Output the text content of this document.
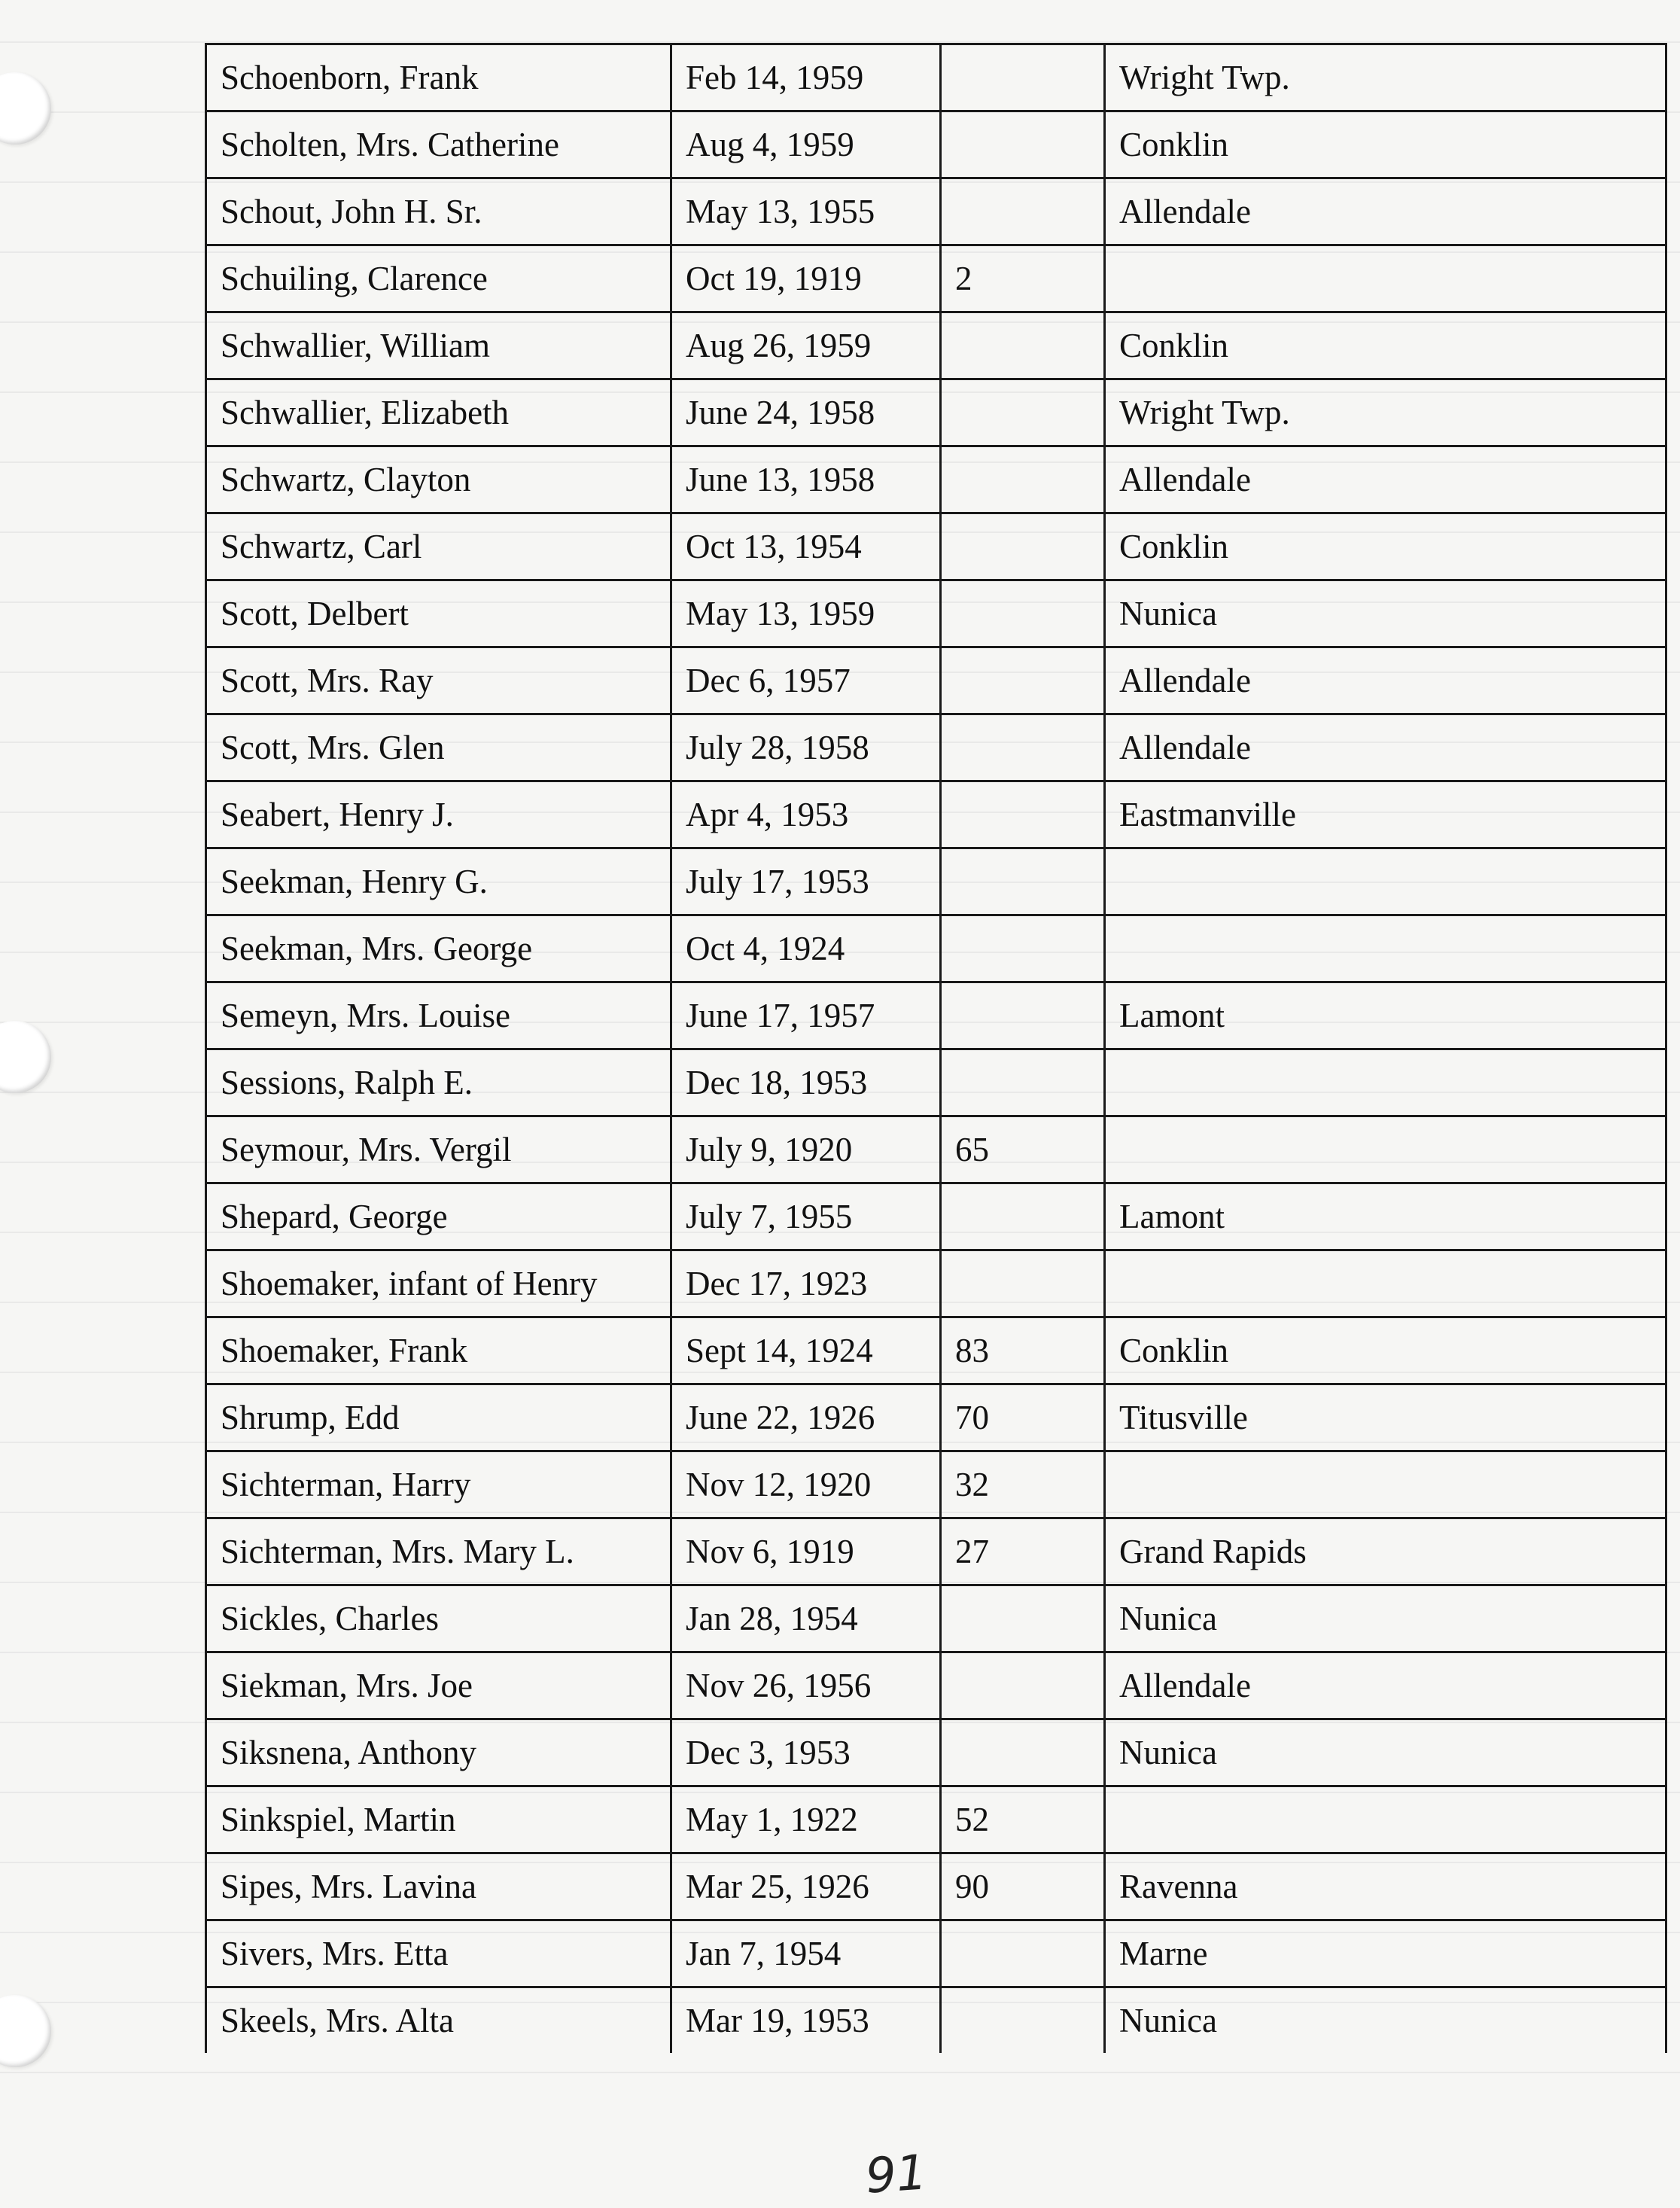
Schoenborn, Frank	Feb 14, 1959		Wright Twp.
Scholten, Mrs. Catherine	Aug 4, 1959		Conklin
Schout, John H. Sr.	May 13, 1955		Allendale
Schuiling, Clarence	Oct 19, 1919	2	
Schwallier, William	Aug 26, 1959		Conklin
Schwallier, Elizabeth	June 24, 1958		Wright Twp.
Schwartz, Clayton	June 13, 1958		Allendale
Schwartz, Carl	Oct 13, 1954		Conklin
Scott, Delbert	May 13, 1959		Nunica
Scott, Mrs. Ray	Dec 6, 1957		Allendale
Scott, Mrs. Glen	July 28, 1958		Allendale
Seabert, Henry J.	Apr 4, 1953		Eastmanville
Seekman, Henry G.	July 17, 1953		
Seekman, Mrs. George	Oct 4, 1924		
Semeyn, Mrs. Louise	June 17, 1957		Lamont
Sessions, Ralph E.	Dec 18, 1953		
Seymour, Mrs. Vergil	July 9, 1920	65	
Shepard, George	July 7, 1955		Lamont
Shoemaker, infant of Henry	Dec 17, 1923		
Shoemaker, Frank	Sept 14, 1924	83	Conklin
Shrump, Edd	June 22, 1926	70	Titusville
Sichterman, Harry	Nov 12, 1920	32	
Sichterman, Mrs. Mary L.	Nov 6, 1919	27	Grand Rapids
Sickles, Charles	Jan 28, 1954		Nunica
Siekman, Mrs. Joe	Nov 26, 1956		Allendale
Siksnena, Anthony	Dec 3, 1953		Nunica
Sinkspiel, Martin	May 1, 1922	52	
Sipes, Mrs. Lavina	Mar 25, 1926	90	Ravenna
Sivers, Mrs. Etta	Jan 7, 1954		Marne
Skeels, Mrs. Alta	Mar 19, 1953		Nunica
91
